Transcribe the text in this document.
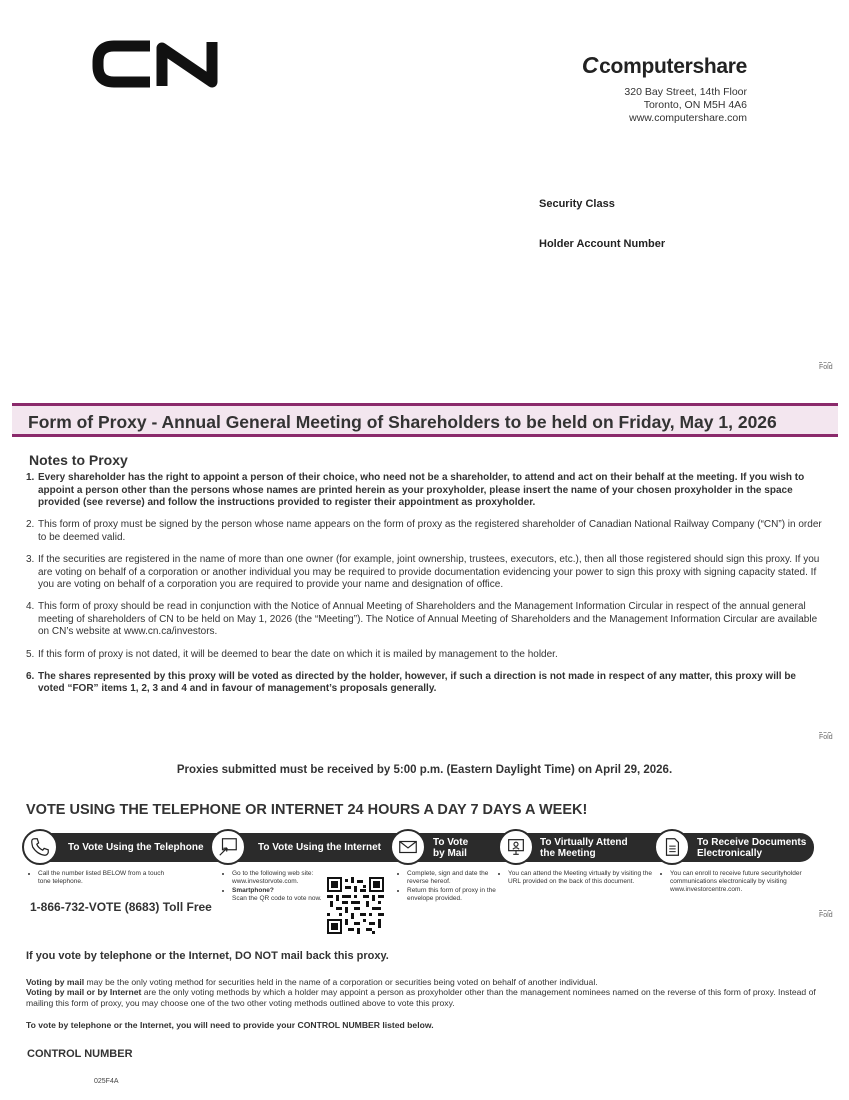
Ccomputershare
320 Bay Street, 14th Floor
Toronto, ON M5H 4A6
www.computershare.com
Security Class
Holder Account Number
Fold
Fold
Fold
Form of Proxy - Annual General Meeting of Shareholders to be held on Friday, May 1, 2026
Notes to Proxy
1. Every shareholder has the right to appoint a person of their choice, who need not be a shareholder, to attend and act on their behalf at the meeting. If you wish to appoint a person other than the persons whose names are printed herein as your proxyholder, please insert the name of your chosen proxyholder in the space provided (see reverse) and follow the instructions provided to register their appointment as proxyholder.
2. This form of proxy must be signed by the person whose name appears on the form of proxy as the registered shareholder of Canadian National Railway Company (“CN”) in order to be deemed valid.
3. If the securities are registered in the name of more than one owner (for example, joint ownership, trustees, executors, etc.), then all those registered should sign this proxy. If you are voting on behalf of a corporation or another individual you may be required to provide documentation evidencing your power to sign this proxy with signing capacity stated. If you are voting on behalf of a corporation you are required to provide your name and designation of office.
4. This form of proxy should be read in conjunction with the Notice of Annual Meeting of Shareholders and the Management Information Circular in respect of the annual general meeting of shareholders of CN to be held on May 1, 2026 (the “Meeting”). The Notice of Annual Meeting of Shareholders and the Management Information Circular are available on CN’s website at www.cn.ca/investors.
5. If this form of proxy is not dated, it will be deemed to bear the date on which it is mailed by management to the holder.
6. The shares represented by this proxy will be voted as directed by the holder, however, if such a direction is not made in respect of any matter, this proxy will be voted “FOR” items 1, 2, 3 and 4 and in favour of management’s proposals generally.
Proxies submitted must be received by 5:00 p.m. (Eastern Daylight Time) on April 29, 2026.
VOTE USING THE TELEPHONE OR INTERNET 24 HOURS A DAY 7 DAYS A WEEK!
To Vote Using the Telephone	To Vote Using the Internet	To Vote
by Mail
To Virtually Attend
the Meeting
To Receive Documents
Electronically
• Call the number listed BELOW from a touch tone telephone.
1-866-732-VOTE (8683) Toll Free
• Go to the following web site: www.investorvote.com.
• Smartphone?
Scan the QR code to vote now.
• Complete, sign and date the reverse hereof.
• Return this form of proxy in the envelope provided.
• You can attend the Meeting virtually by visiting the URL provided on the back of this document.
• You can enroll to receive future securityholder communications electronically by visiting www.investorcentre.com.
If you vote by telephone or the Internet, DO NOT mail back this proxy.
Voting by mail may be the only voting method for securities held in the name of a corporation or securities being voted on behalf of another individual.
Voting by mail or by Internet are the only voting methods by which a holder may appoint a person as proxyholder other than the management nominees named on the reverse of this form of proxy. Instead of mailing this form of proxy, you may choose one of the two other voting methods outlined above to vote this proxy.
To vote by telephone or the Internet, you will need to provide your CONTROL NUMBER listed below.
CONTROL NUMBER
025F4A
